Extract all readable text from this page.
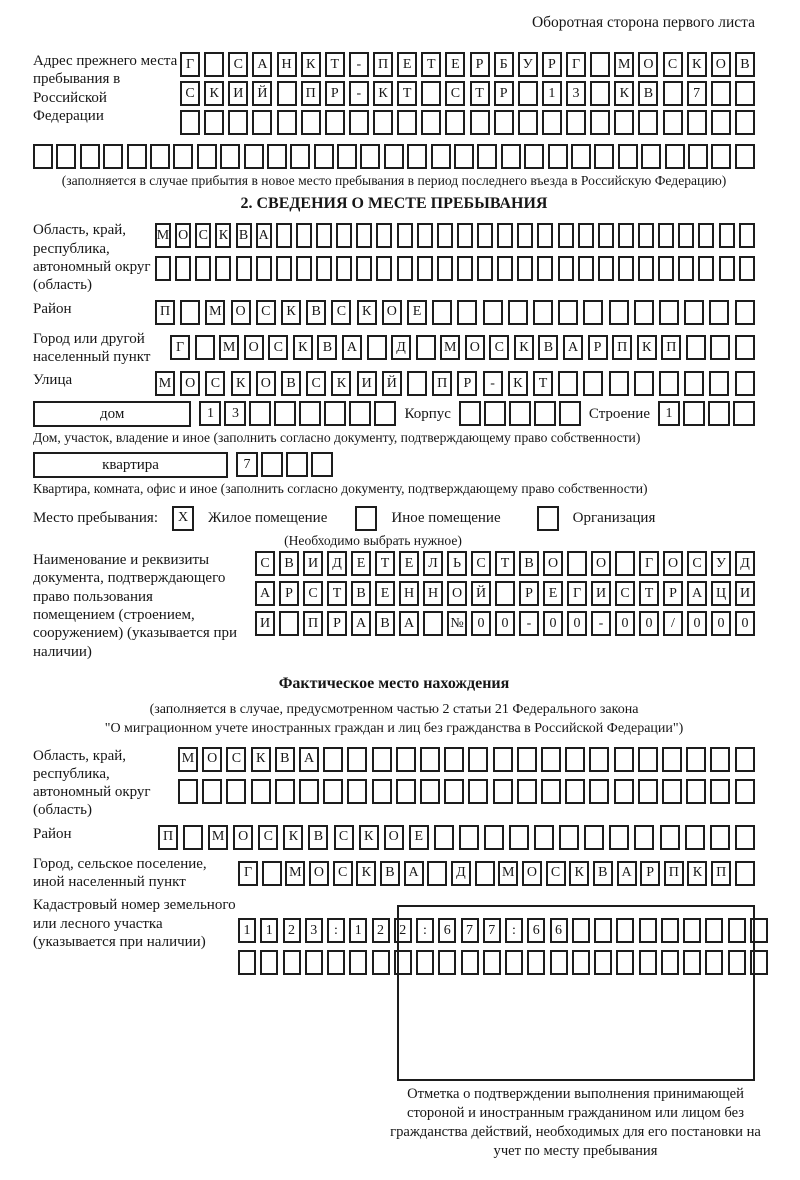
Оборотная сторона первого листа
Адрес прежнего места пребывания в Российской Федерации
Г	С	А	Н	К	Т	-	П	Е	Т	Е	Р	Б	У	Р	Г	М О	С	К	О	В
С	К	И	Й	П	Р	-	К	Т	С	Т	Р	1	3	К	В	7
(заполняется в случае прибытия в новое место пребывания в период последнего въезда в Российскую Федерацию)
2. СВЕДЕНИЯ О МЕСТЕ ПРЕБЫВАНИЯ
Область, край, республика, автономный округ (область)
М О С К В А
Район	П	М О	С	К	В	С	К	О	Е
Город или другой населенный пункт
Г	М О	С	К	В	А	Д	М О	С	К	В	А	Р	П	К	П
Улица	М О	С	К	О	В	С	К	И	Й	П	Р	-	К	Т
дом	1	3	Корпус	Строение	1
Дом, участок, владение и иное (заполнить согласно документу, подтверждающему право собственности)
квартира	7
Квартира, комната, офис и иное (заполнить согласно документу, подтверждающему право собственности)
Место пребывания:	X	Жилое помещение	Иное помещение	Организация
(Необходимо выбрать нужное)
Наименование и реквизиты документа, подтверждающего право пользования помещением (строением, сооружением) (указывается при наличии)
С	В	И	Д	Е	Т	Е	Л	Ь	С	Т	В	О	О	Г	О	С	У	Д
А	Р	С	Т	В	Е	Н Н О Й	Р	Е	Г	И	С	Т	Р	А Ц И
И	П	Р	А	В	А	№ 0	0	-	0	0	-	0	0	/	0	0	0
Фактическое место нахождения
(заполняется в случае, предусмотренном частью 2 статьи 21 Федерального закона
"О миграционном учете иностранных граждан и лиц без гражданства в Российской Федерации")
Область, край, республика, автономный округ (область)
М О	С	К	В	А
Район	П	М О	С	К	В	С	К	О	Е
Город, сельское поселение, иной населенный пункт
Г	М О С	К	В А	Д	М О С	К	В А	Р	П К П
Кадастровый номер земельного или лесного участка (указывается при наличии)
1	1	2	3	:	1	2	2	:	6	7	7	:	6	6
Отметка о подтверждении выполнения принимающей стороной и иностранным гражданином или лицом без гражданства действий, необходимых для его постановки на учет по месту пребывания
